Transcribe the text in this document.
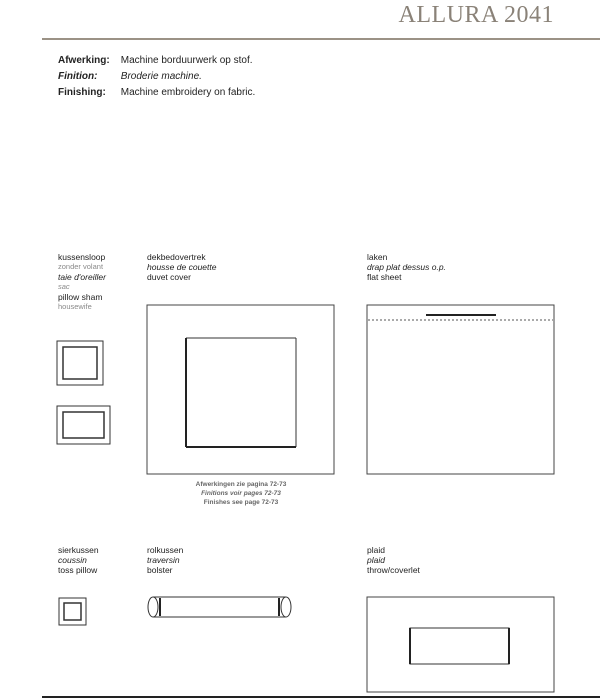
ALLURA 2041
Afwerking: Machine borduurwerk op stof.
Finition: Broderie machine.
Finishing: Machine embroidery on fabric.
kussensloop
zonder volant
taie d'oreiller
sac
pillow sham
housewife
dekbedovertrek
housse de couette
duvet cover
Afwerkingen zie pagina 72-73
Finitions voir pages 72-73
Finishes see page 72-73
laken
drap plat dessus o.p.
flat sheet
sierkussen
coussin
toss pillow
rolkussen
traversin
bolster
plaid
plaid
throw/coverlet
